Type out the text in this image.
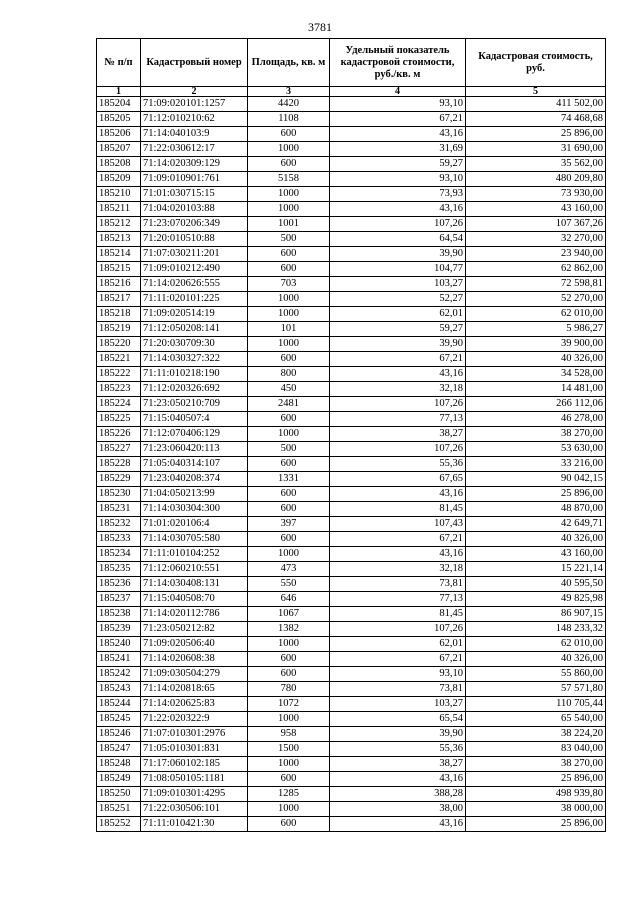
3781
№ п/п	Кадастровый номер	Площадь, кв. м	Удельный показатель кадастровой стоимости, руб./кв. м	Кадастровая стоимость, руб.
1	2	3	4	5
185204	71:09:020101:1257	4420	93,10	411 502,00
185205	71:12:010210:62	1108	67,21	74 468,68
185206	71:14:040103:9	600	43,16	25 896,00
185207	71:22:030612:17	1000	31,69	31 690,00
185208	71:14:020309:129	600	59,27	35 562,00
185209	71:09:010901:761	5158	93,10	480 209,80
185210	71:01:030715:15	1000	73,93	73 930,00
185211	71:04:020103:88	1000	43,16	43 160,00
185212	71:23:070206:349	1001	107,26	107 367,26
185213	71:20:010510:88	500	64,54	32 270,00
185214	71:07:030211:201	600	39,90	23 940,00
185215	71:09:010212:490	600	104,77	62 862,00
185216	71:14:020626:555	703	103,27	72 598,81
185217	71:11:020101:225	1000	52,27	52 270,00
185218	71:09:020514:19	1000	62,01	62 010,00
185219	71:12:050208:141	101	59,27	5 986,27
185220	71:20:030709:30	1000	39,90	39 900,00
185221	71:14:030327:322	600	67,21	40 326,00
185222	71:11:010218:190	800	43,16	34 528,00
185223	71:12:020326:692	450	32,18	14 481,00
185224	71:23:050210:709	2481	107,26	266 112,06
185225	71:15:040507:4	600	77,13	46 278,00
185226	71:12:070406:129	1000	38,27	38 270,00
185227	71:23:060420:113	500	107,26	53 630,00
185228	71:05:040314:107	600	55,36	33 216,00
185229	71:23:040208:374	1331	67,65	90 042,15
185230	71:04:050213:99	600	43,16	25 896,00
185231	71:14:030304:300	600	81,45	48 870,00
185232	71:01:020106:4	397	107,43	42 649,71
185233	71:14:030705:580	600	67,21	40 326,00
185234	71:11:010104:252	1000	43,16	43 160,00
185235	71:12:060210:551	473	32,18	15 221,14
185236	71:14:030408:131	550	73,81	40 595,50
185237	71:15:040508:70	646	77,13	49 825,98
185238	71:14:020112:786	1067	81,45	86 907,15
185239	71:23:050212:82	1382	107,26	148 233,32
185240	71:09:020506:40	1000	62,01	62 010,00
185241	71:14:020608:38	600	67,21	40 326,00
185242	71:09:030504:279	600	93,10	55 860,00
185243	71:14:020818:65	780	73,81	57 571,80
185244	71:14:020625:83	1072	103,27	110 705,44
185245	71:22:020322:9	1000	65,54	65 540,00
185246	71:07:010301:2976	958	39,90	38 224,20
185247	71:05:010301:831	1500	55,36	83 040,00
185248	71:17:060102:185	1000	38,27	38 270,00
185249	71:08:050105:1181	600	43,16	25 896,00
185250	71:09:010301:4295	1285	388,28	498 939,80
185251	71:22:030506:101	1000	38,00	38 000,00
185252	71:11:010421:30	600	43,16	25 896,00
